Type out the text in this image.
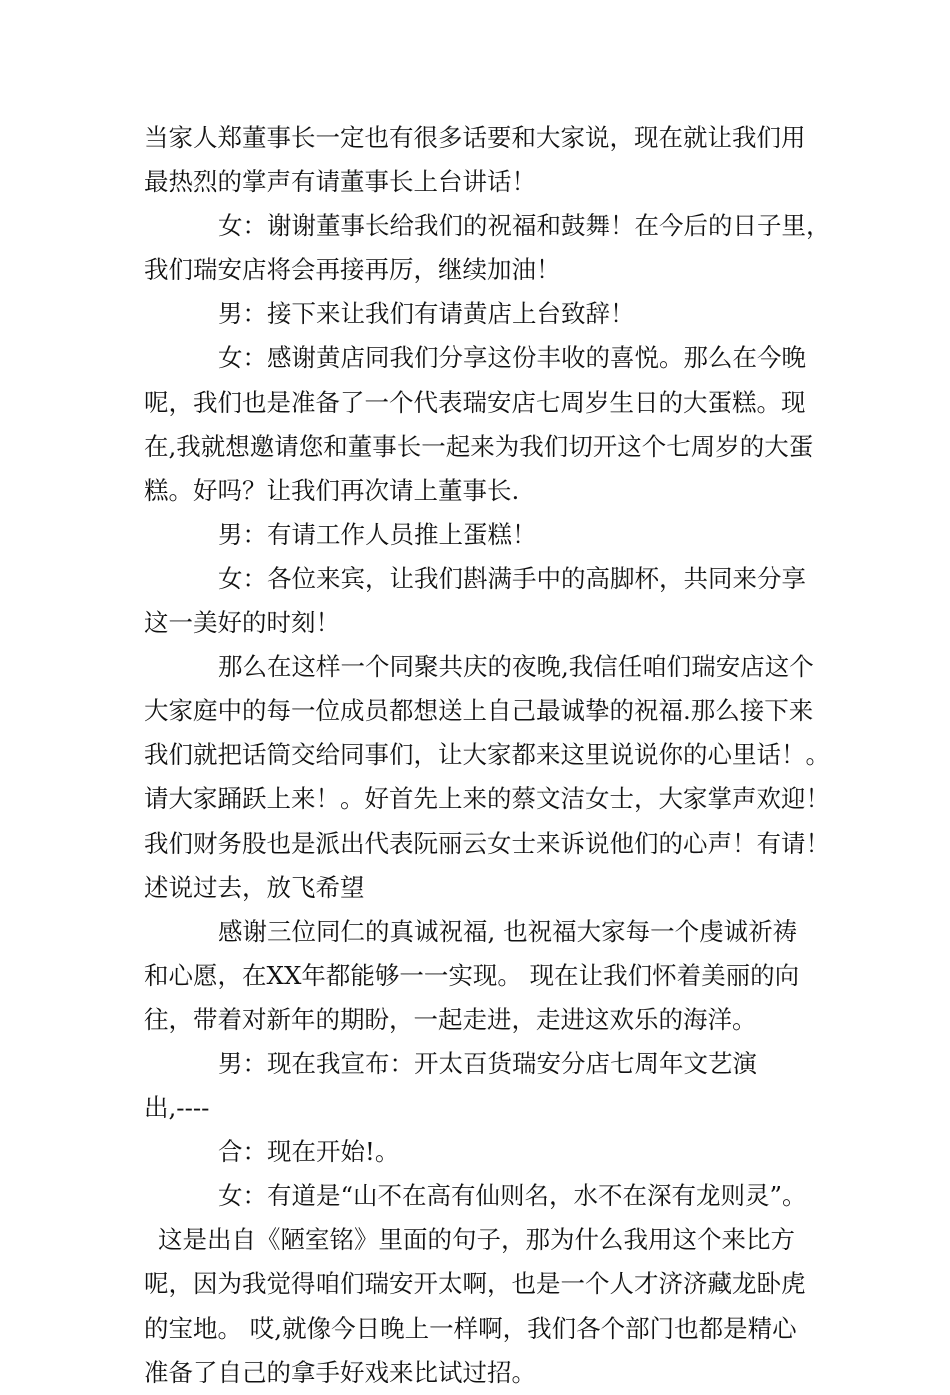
当家人郑董事长一定也有很多话要和大家说，现在就让我们用
最热烈的掌声有请董事长上台讲话！
女：谢谢董事长给我们的祝福和鼓舞！在今后的日子里，
我们瑞安店将会再接再厉，继续加油！
男：接下来让我们有请黄店上台致辞！
女：感谢黄店同我们分享这份丰收的喜悦。那么在今晚
呢，我们也是准备了一个代表瑞安店七周岁生日的大蛋糕。现
在,我就想邀请您和董事长一起来为我们切开这个七周岁的大蛋
糕。好吗？让我们再次请上董事长.
男：有请工作人员推上蛋糕！
女：各位来宾，让我们斟满手中的高脚杯，共同来分享
这一美好的时刻！
那么在这样一个同聚共庆的夜晚,我信任咱们瑞安店这个
大家庭中的每一位成员都想送上自己最诚挚的祝福.那么接下来
我们就把话筒交给同事们，让大家都来这里说说你的心里话！。
请大家踊跃上来！。好首先上来的蔡文洁女士，大家掌声欢迎！
我们财务股也是派出代表阮丽云女士来诉说他们的心声！有请！
述说过去，放飞希望
感谢三位同仁的真诚祝福, 也祝福大家每一个虔诚祈祷
和心愿，在XX年都能够一一实现。 现在让我们怀着美丽的向
往，带着对新年的期盼，一起走进，走进这欢乐的海洋。
男：现在我宣布：开太百货瑞安分店七周年文艺演
出,----
合：现在开始!。
女：有道是“山不在高有仙则名，水不在深有龙则灵”。
这是出自《陋室铭》里面的句子，那为什么我用这个来比方
呢，因为我觉得咱们瑞安开太啊，也是一个人才济济藏龙卧虎
的宝地。 哎,就像今日晚上一样啊，我们各个部门也都是精心
准备了自己的拿手好戏来比试过招。
